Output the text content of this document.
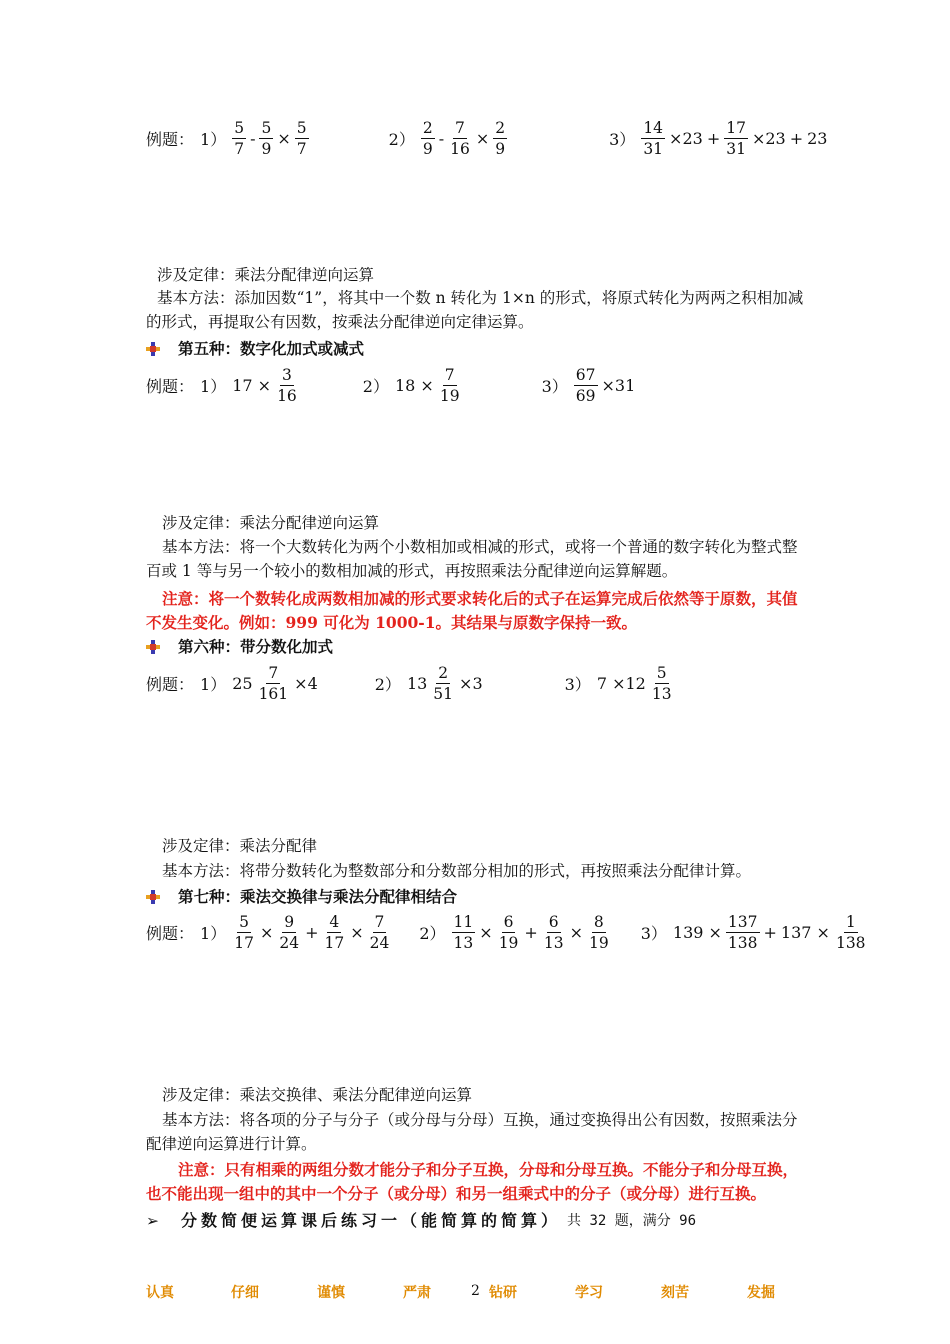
例题： $1) \frac{5}{7} - \frac{5}{9} \times \frac{5}{7}$	$2) \frac{2}{9} - \frac{7}{16} \times \frac{2}{9}$	$3) \frac{14}{31} \times 23 + \frac{17}{31} \times 23 + 23$
涉及定律：乘法分配律逆向运算
基本方法：添加因数“1”，将其中一个数 n 转化为 1×n 的形式，将原式转化为两两之积相加减的形式，再提取公有因数，按乘法分配律逆向定律运算。
第五种：数字化加式或减式
例题： 1） $17 \times \frac{3}{16}$	2） $18 \times \frac{7}{19}$	$3) \frac{67}{69} \times 31$
涉及定律：乘法分配律逆向运算
基本方法：将一个大数转化为两个小数相加或相减的形式，或将一个普通的数字转化为整式整百或 1 等与另一个较小的数相加减的形式，再按照乘法分配律逆向运算解题。
注意：将一个数转化成两数相加减的形式要求转化后的式子在运算完成后依然等于原数，其值不发生变化。例如：999 可化为 1000-1。其结果与原数字保持一致。
第六种：带分数化加式
例题： 1） $25 \frac{7}{161} \times 4$	2） $13 \frac{2}{51} \times 3$	3） $7 \times 12 \frac{5}{13}$
涉及定律：乘法分配律
基本方法：将带分数转化为整数部分和分数部分相加的形式，再按照乘法分配律计算。
第七种：乘法交换律与乘法分配律相结合
例题： $1) \frac{5}{17} \times \frac{9}{24} + \frac{4}{17} \times \frac{7}{24} 2) \frac{11}{13} \times \frac{6}{19} + \frac{6}{13} \times \frac{8}{19} 3$） $139 \times \frac{137}{138} + 137 \times \frac{1}{138}$
涉及定律：乘法交换律、乘法分配律逆向运算
基本方法：将各项的分子与分子（或分母与分母）互换，通过变换得出公有因数，按照乘法分配律逆向运算进行计算。
注意：只有相乘的两组分数才能分子和分子互换，分母和分母互换。不能分子和分母互换，也不能出现一组中的其中一个分子（或分母）和另一组乘式中的分子（或分母）进行互换。
➢ 分数简便运算课后练习一（能简算的简算） 共 32 题，满分 96
认真	仔细	谨慎	严肃	2 钻研	学习	刻苦	发掘
